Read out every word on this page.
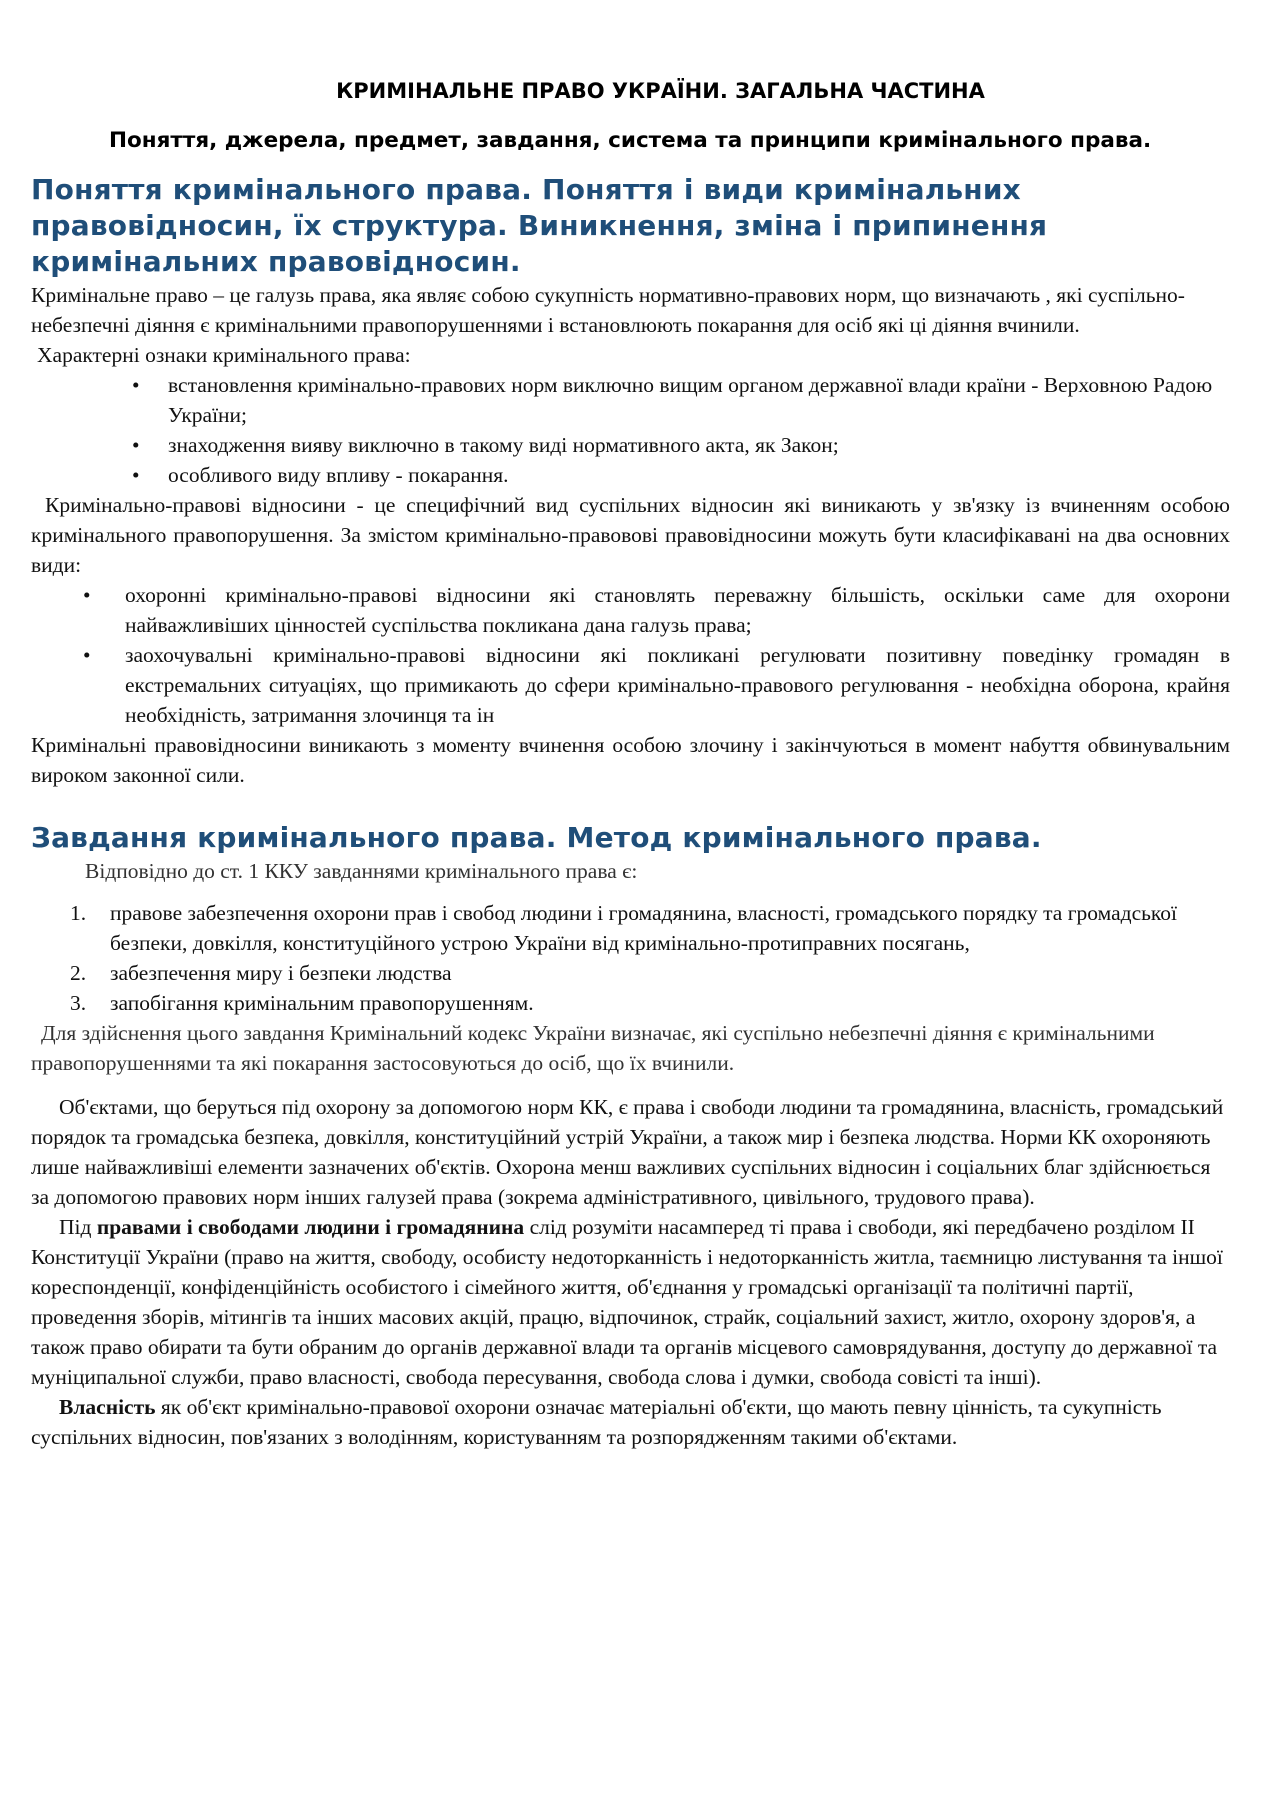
КРИМІНАЛЬНЕ ПРАВО УКРАЇНИ. ЗАГАЛЬНА ЧАСТИНА
Поняття, джерела, предмет, завдання, система та принципи кримінального права.
Поняття кримінального права. Поняття і види кримінальних правовідносин, їх структура. Виникнення, зміна і припинення кримінальних правовідносин.

Кримінальне право – це галузь права, яка являє собою сукупність нормативно-правових норм, що визначають , які суспільно-небезпечні діяння є кримінальними правопорушеннями і встановлюють покарання для осіб які ці діяння вчинили.

Характерні ознаки кримінального права:

• встановлення кримінально-правових норм виключно вищим органом державної влади країни - Верховною Радою України;
• знаходження вияву виключно в такому виді нормативного акта, як Закон;
• особливого виду впливу - покарання.

Кримінально-правові відносини - це специфічний вид суспільних відносин які виникають у зв'язку із вчиненням особою кримінального правопорушення. За змістом кримінально-правовові правовідносини можуть бути класифікавані на два основних види:

• охоронні кримінально-правові відносини які становлять переважну більшість, оскільки саме для охорони найважливіших цінностей суспільства покликана дана галузь права;
• заохочувальні кримінально-правові відносини які покликані регулювати позитивну поведінку громадян в екстремальних ситуаціях, що примикають до сфери кримінально-правового регулювання - необхідна оборона, крайня необхідність, затримання злочинця та ін

Кримінальні правовідносини виникають з моменту вчинення особою злочину і закінчуються в момент набуття обвинувальним вироком законної сили.

Завдання кримінального права. Метод кримінального права.

Відповідно до ст. 1 ККУ завданнями кримінального права є:

1. правове забезпечення охорони прав і свобод людини і громадянина, власності, громадського порядку та громадської безпеки, довкілля, конституційного устрою України від кримінально-протиправних посягань,
2. забезпечення миру і безпеки людства
3. запобігання кримінальним правопорушенням.

Для здійснення цього завдання Кримінальний кодекс України визначає, які суспільно небезпечні діяння є кримінальними правопорушеннями та які покарання застосовуються до осіб, що їх вчинили.

Об'єктами, що беруться під охорону за допомогою норм КК, є права і свободи людини та громадянина, власність, громадський порядок та громадська безпека, довкілля, конституційний устрій України, а також мир і безпека людства. Норми КК охороняють лише найважливіші елементи зазначених об'єктів. Охорона менш важливих суспільних відносин і соціальних благ здійснюється за допомогою правових норм інших галузей права (зокрема адміністративного, цивільного, трудового права).

Під правами і свободами людини і громадянина слід розуміти насамперед ті права і свободи, які передбачено розділом II Конституції України (право на життя, свободу, особисту недоторканність і недоторканність житла, таємницю листування та іншої кореспонденції, конфіденційність особистого і сімейного життя, об'єднання у громадські організації та політичні партії, проведення зборів, мітингів та інших масових акцій, працю, відпочинок, страйк, соціальний захист, житло, охорону здоров'я, а також право обирати та бути обраним до органів державної влади та органів місцевого самоврядування, доступу до державної та муніципальної служби, право власності, свобода пересування, свобода слова і думки, свобода совісті та інші).

Власність як об'єкт кримінально-правової охорони означає матеріальні об'єкти, що мають певну цінність, та сукупність суспільних відносин, пов'язаних з володінням, користуванням та розпорядженням такими об'єктами.
